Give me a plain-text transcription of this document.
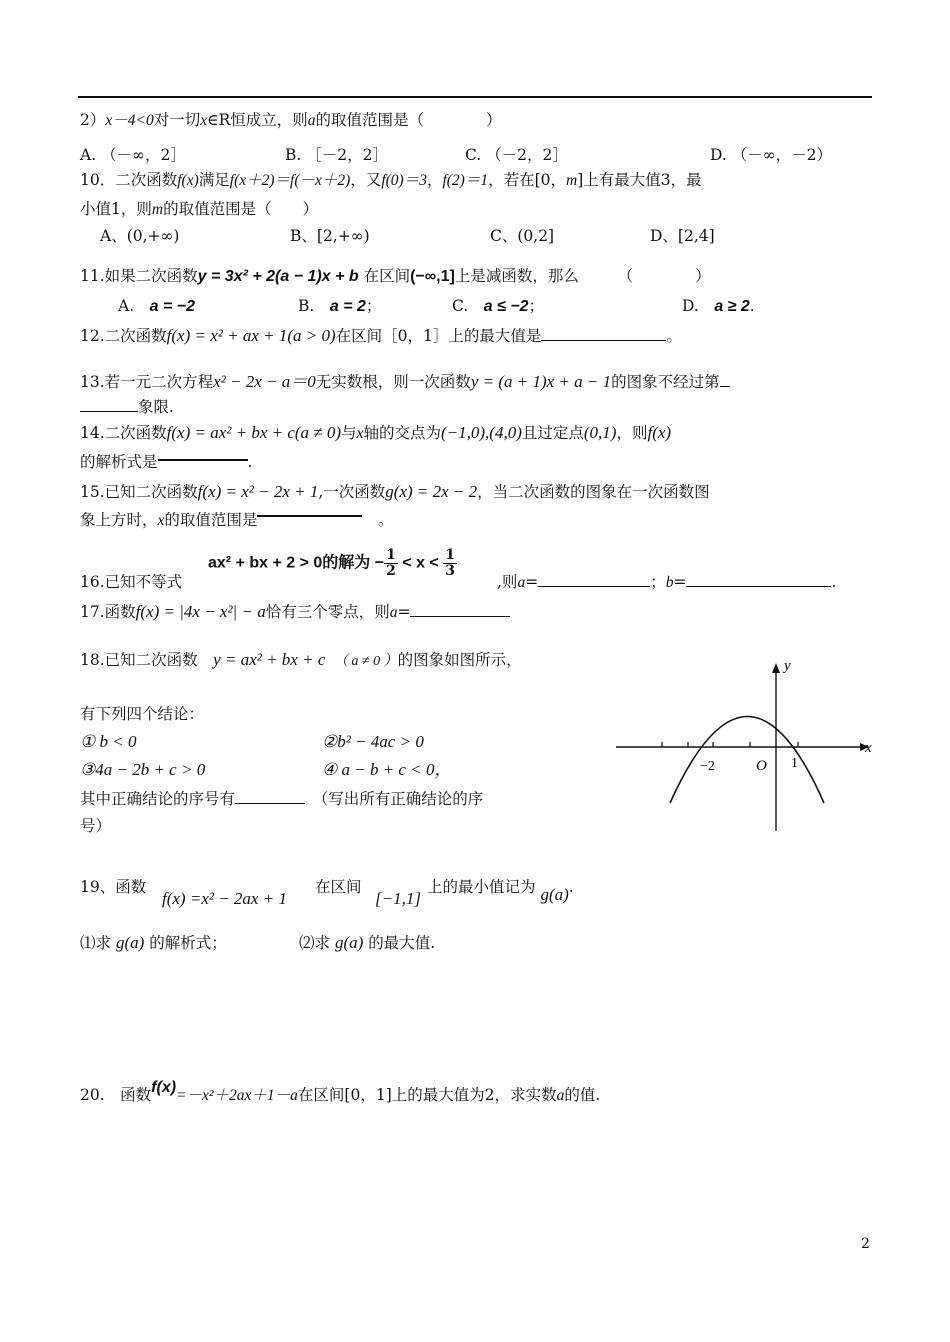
2）x－4<0对一切x∈R恒成立，则a的取值范围是（　　　　）
A. （－∞，2］	B. ［－2，2］	C. （－2，2］	D. （－∞，－2）
10．二次函数f(x)满足f(x＋2)＝f(－x＋2)，又f(0)＝3，f(2)＝1，若在[0，m]上有最大值3，最
小值1，则m的取值范围是（　　）
A、(0,+∞)	B、[2,+∞)	C、(0,2]	D、[2,4]
11.如果二次函数y = 3x² + 2(a − 1)x + b 在区间(−∞,1]上是减函数，那么　　　（　　　　）
A.　 a = −2	B.　 a = 2；	C.　 a ≤ −2；	D.　 a ≥ 2.
12.二次函数f(x) = x² + ax + 1(a > 0)在区间［0，1］上的最大值是	。
13.若一元二次方程x² − 2x − a＝0无实数根，则一次函数y = (a + 1)x + a − 1的图象不经过第
象限.
14.二次函数f(x) = ax² + bx + c(a ≠ 0)与x轴的交点为(−1,0),(4,0)且过定点(0,1)，则f(x)
的解析式是	.
15.已知二次函数f(x) = x² − 2x + 1,一次函数g(x) = 2x − 2，当二次函数的图象在一次函数图
象上方时，x的取值范围是　	。
ax² + bx + 2 > 0的解为 − $\frac{1}{2} < x < \frac{1}{3}$
16.已知不等式	,则a=	；b=	.
17.函数f(x) = |4x − x²| − a恰有三个零点，则a=
18.已知二次函数　 y = ax² + bx + c　 （ a ≠ 0 ）的图象如图所示，
有下列四个结论：
① b < 0	②b² − 4ac > 0
③4a − 2b + c > 0	④ a − b + c < 0，
其中正确结论的序号有　	（写出所有正确结论的序
号）
x
y
O
−2	1
19、函数
f(x) =x² − 2ax + 1
在区间
[−1,1]
上的最小值记为 g(a).
⑴求 g(a) 的解析式；	⑵求 g(a) 的最大值.
20.　函数f(x)=－x²＋2ax＋1－a在区间[0，1]上的最大值为2，求实数a的值.
2
